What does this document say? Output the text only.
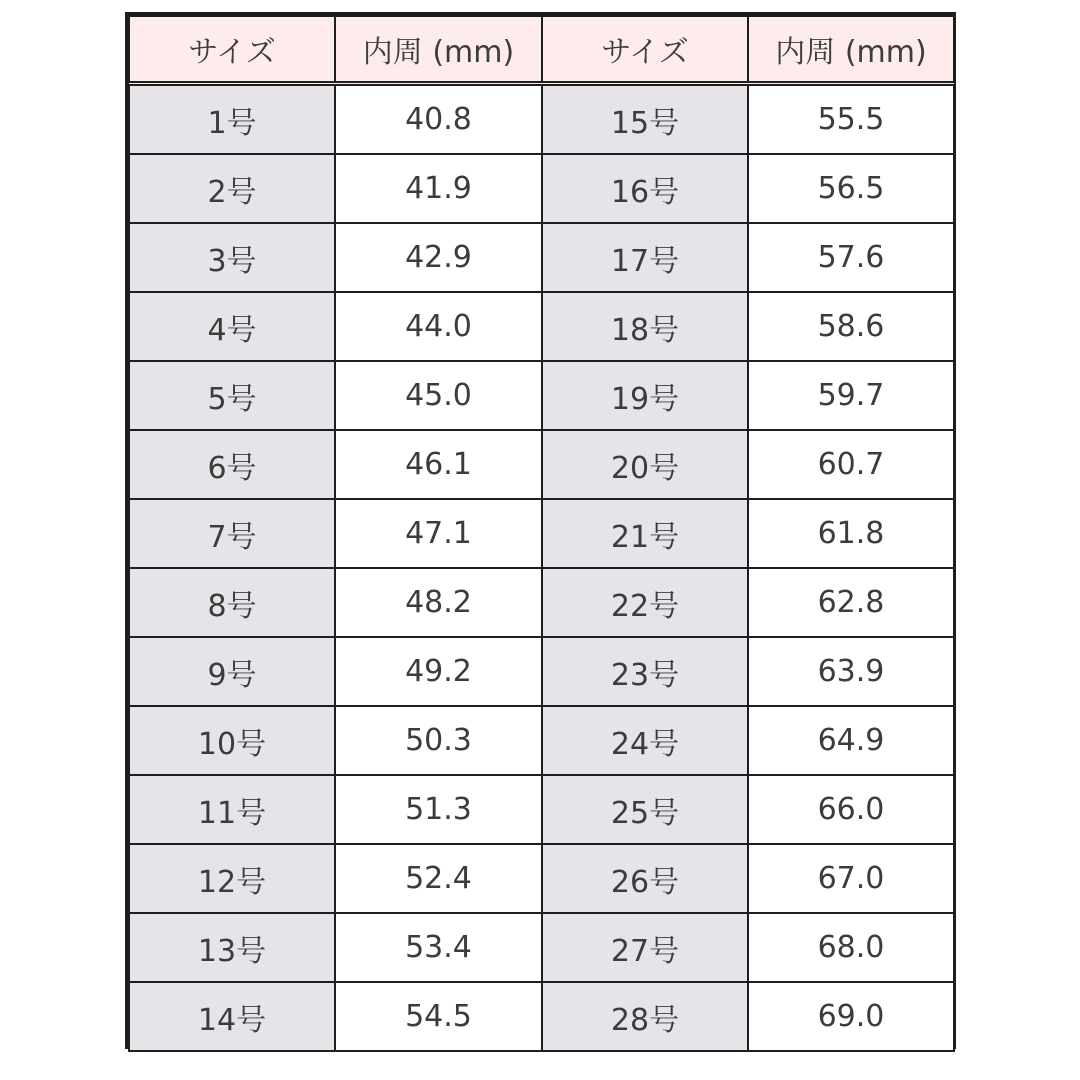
サイズ	内周 (mm)	サイズ	内周 (mm)
1号	40.8	15号	55.5
2号	41.9	16号	56.5
3号	42.9	17号	57.6
4号	44.0	18号	58.6
5号	45.0	19号	59.7
6号	46.1	20号	60.7
7号	47.1	21号	61.8
8号	48.2	22号	62.8
9号	49.2	23号	63.9
10号	50.3	24号	64.9
11号	51.3	25号	66.0
12号	52.4	26号	67.0
13号	53.4	27号	68.0
14号	54.5	28号	69.0
